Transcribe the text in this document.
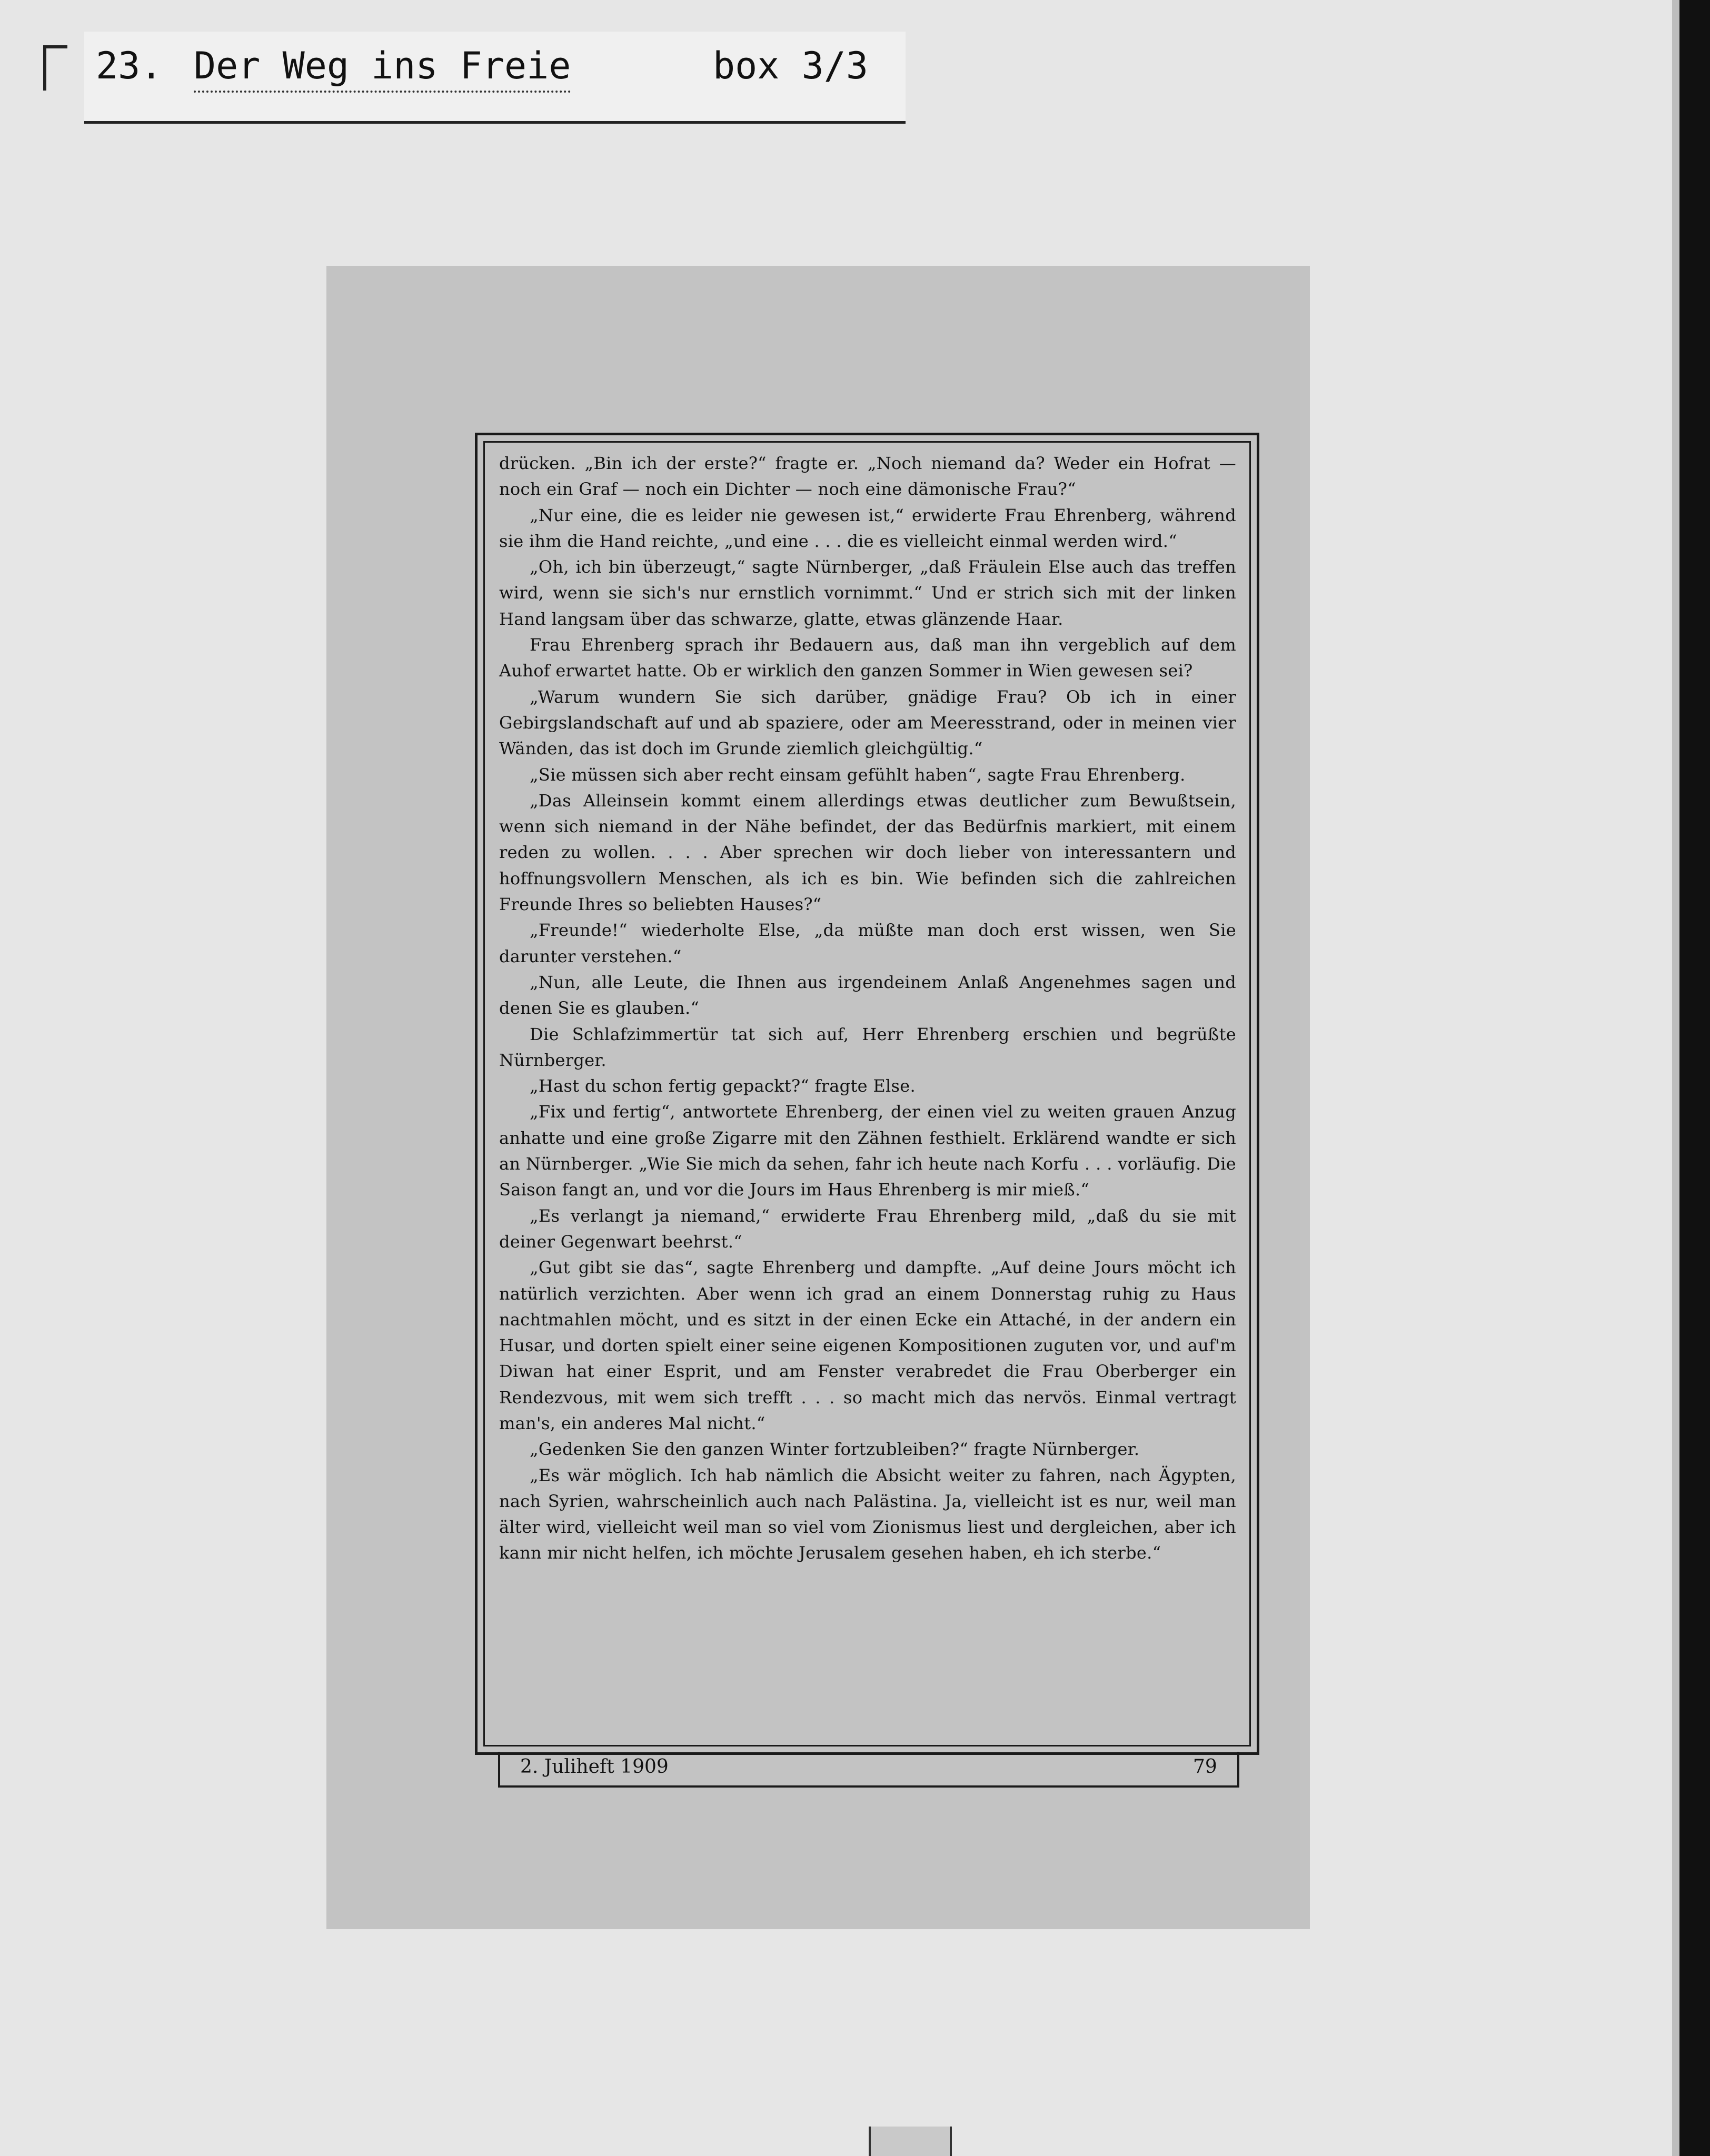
23. Der Weg ins Freie	box 3/3

drücken. „Bin ich der erste?“ fragte er. „Noch niemand da? Weder ein Hofrat — noch ein Graf — noch ein Dichter — noch eine dämonische Frau?“

„Nur eine, die es leider nie gewesen ist,“ erwiderte Frau Ehrenberg, während sie ihm die Hand reichte, „und eine . . . die es vielleicht einmal werden wird.“

„Oh, ich bin überzeugt,“ sagte Nürnberger, „daß Fräulein Else auch das treffen wird, wenn sie sich's nur ernstlich vornimmt.“ Und er strich sich mit der linken Hand langsam über das schwarze, glatte, etwas glänzende Haar.

Frau Ehrenberg sprach ihr Bedauern aus, daß man ihn vergeblich auf dem Auhof erwartet hatte. Ob er wirklich den ganzen Sommer in Wien gewesen sei?

„Warum wundern Sie sich darüber, gnädige Frau? Ob ich in einer Gebirgslandschaft auf und ab spaziere, oder am Meeresstrand, oder in meinen vier Wänden, das ist doch im Grunde ziemlich gleichgültig.“

„Sie müssen sich aber recht einsam gefühlt haben“, sagte Frau Ehrenberg.

„Das Alleinsein kommt einem allerdings etwas deutlicher zum Bewußtsein, wenn sich niemand in der Nähe befindet, der das Bedürfnis markiert, mit einem reden zu wollen. . . . Aber sprechen wir doch lieber von interessantern und hoffnungsvollern Menschen, als ich es bin. Wie befinden sich die zahlreichen Freunde Ihres so beliebten Hauses?“

„Freunde!“ wiederholte Else, „da müßte man doch erst wissen, wen Sie darunter verstehen.“

„Nun, alle Leute, die Ihnen aus irgendeinem Anlaß Angenehmes sagen und denen Sie es glauben.“

Die Schlafzimmertür tat sich auf, Herr Ehrenberg erschien und begrüßte Nürnberger.

„Hast du schon fertig gepackt?“ fragte Else.

„Fix und fertig“, antwortete Ehrenberg, der einen viel zu weiten grauen Anzug anhatte und eine große Zigarre mit den Zähnen festhielt. Erklärend wandte er sich an Nürnberger. „Wie Sie mich da sehen, fahr ich heute nach Korfu . . . vorläufig. Die Saison fangt an, und vor die Jours im Haus Ehrenberg is mir mieß.“

„Es verlangt ja niemand,“ erwiderte Frau Ehrenberg mild, „daß du sie mit deiner Gegenwart beehrst.“

„Gut gibt sie das“, sagte Ehrenberg und dampfte. „Auf deine Jours möcht ich natürlich verzichten. Aber wenn ich grad an einem Donnerstag ruhig zu Haus nachtmahlen möcht, und es sitzt in der einen Ecke ein Attaché, in der andern ein Husar, und dorten spielt einer seine eigenen Kompositionen zuguten vor, und auf'm Diwan hat einer Esprit, und am Fenster verabredet die Frau Oberberger ein Rendezvous, mit wem sich trefft . . . so macht mich das nervös. Einmal vertragt man's, ein anderes Mal nicht.“

„Gedenken Sie den ganzen Winter fortzubleiben?“ fragte Nürnberger.

„Es wär möglich. Ich hab nämlich die Absicht weiter zu fahren, nach Ägypten, nach Syrien, wahrscheinlich auch nach Palästina. Ja, vielleicht ist es nur, weil man älter wird, vielleicht weil man so viel vom Zionismus liest und dergleichen, aber ich kann mir nicht helfen, ich möchte Jerusalem gesehen haben, eh ich sterbe.“

2. Juliheft 1909	79
